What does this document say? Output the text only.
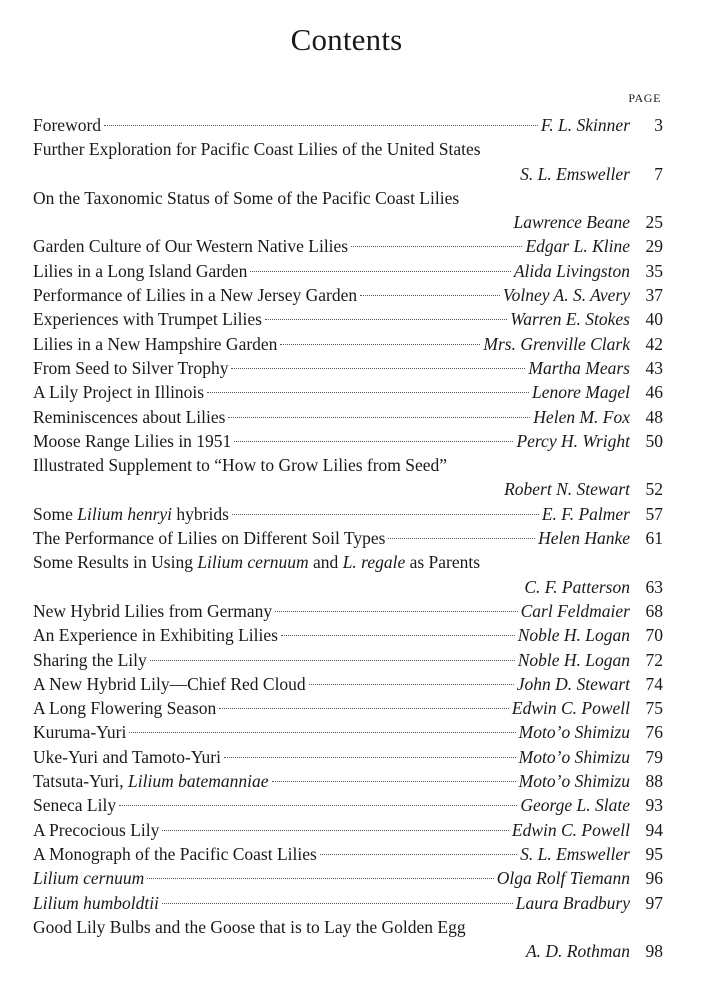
Contents
PAGE
Foreword	F. L. Skinner	3
Further Exploration for Pacific Coast Lilies of the United States
S. L. Emsweller	7
On the Taxonomic Status of Some of the Pacific Coast Lilies
Lawrence Beane 25
Garden Culture of Our Western Native Lilies	Edgar L. Kline 29
Lilies in a Long Island Garden	Alida Livingston 35
Performance of Lilies in a New Jersey Garden	Volney A. S. Avery 37
Experiences with Trumpet Lilies	Warren E. Stokes 40
Lilies in a New Hampshire Garden	Mrs. Grenville Clark 42
From Seed to Silver Trophy	Martha Mears 43
A Lily Project in Illinois	Lenore Magel 46
Reminiscences about Lilies	Helen M. Fox 48
Moose Range Lilies in 1951	Percy H. Wright 50
Illustrated Supplement to “How to Grow Lilies from Seed”
Robert N. Stewart 52
Some Lilium henryi hybrids	E. F. Palmer 57
The Performance of Lilies on Different Soil Types	Helen Hanke 61
Some Results in Using Lilium cernuum and L. regale as Parents
C. F. Patterson 63
New Hybrid Lilies from Germany	Carl Feldmaier 68
An Experience in Exhibiting Lilies	Noble H. Logan 70
Sharing the Lily	Noble H. Logan 72
A New Hybrid Lily—Chief Red Cloud	John D. Stewart 74
A Long Flowering Season	Edwin C. Powell 75
Kuruma-Yuri	Moto’o Shimizu 76
Uke-Yuri and Tamoto-Yuri	Moto’o Shimizu 79
Tatsuta-Yuri, Lilium batemanniae	Moto’o Shimizu 88
Seneca Lily	George L. Slate 93
A Precocious Lily	Edwin C. Powell 94
A Monograph of the Pacific Coast Lilies	S. L. Emsweller 95
Lilium cernuum	Olga Rolf Tiemann 96
Lilium humboldtii	Laura Bradbury 97
Good Lily Bulbs and the Goose that is to Lay the Golden Egg
A. D. Rothman 98
